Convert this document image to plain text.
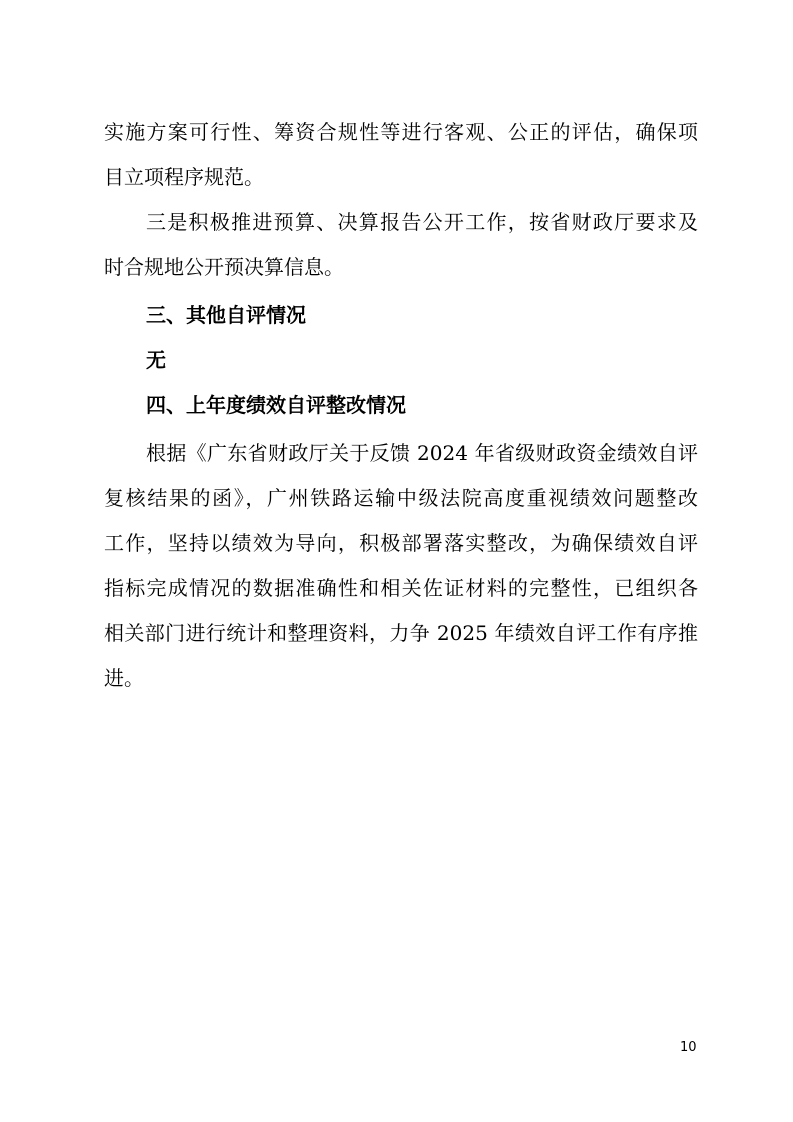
实施方案可行性、筹资合规性等进行客观、公正的评估，确保项
目立项程序规范。
三是积极推进预算、决算报告公开工作，按省财政厅要求及
时合规地公开预决算信息。
三、其他自评情况
无
四、上年度绩效自评整改情况
根据《广东省财政厅关于反馈 2024 年省级财政资金绩效自评
复核结果的函》，广州铁路运输中级法院高度重视绩效问题整改
工作，坚持以绩效为导向，积极部署落实整改，为确保绩效自评
指标完成情况的数据准确性和相关佐证材料的完整性，已组织各
相关部门进行统计和整理资料，力争 2025 年绩效自评工作有序推
进。
10
